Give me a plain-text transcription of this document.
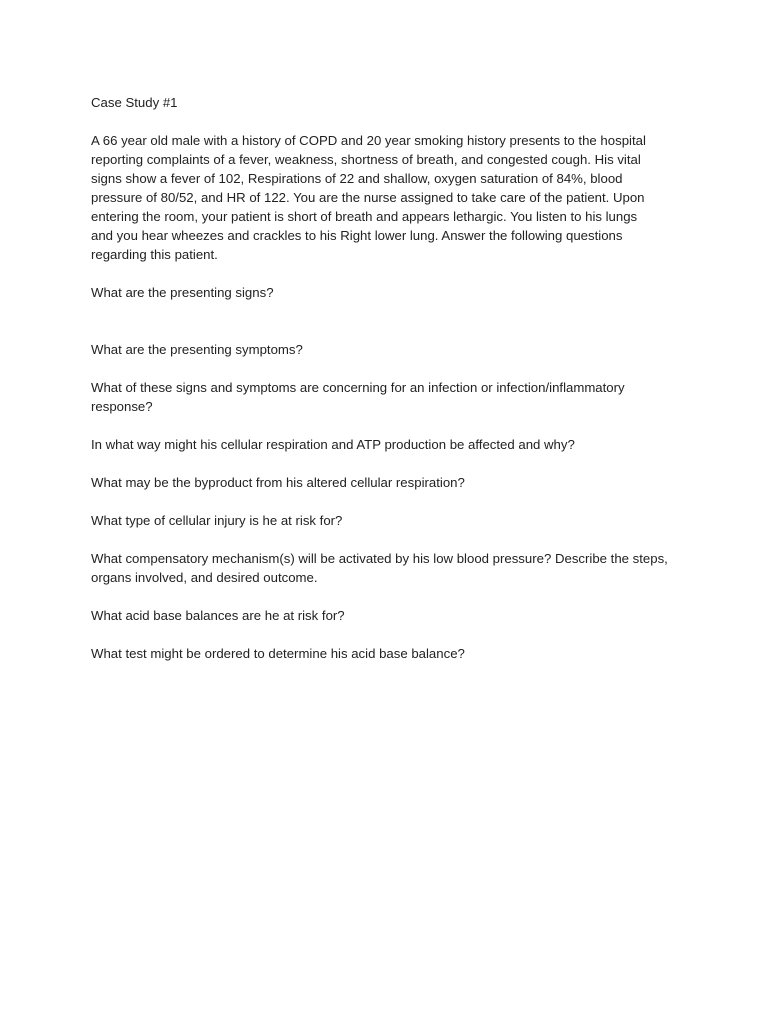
Case Study #1

A 66 year old male with a history of COPD and 20 year smoking history presents to the hospital
reporting complaints of a fever, weakness, shortness of breath, and congested cough. His vital
signs show a fever of 102, Respirations of 22 and shallow, oxygen saturation of 84%, blood
pressure of 80/52, and HR of 122. You are the nurse assigned to take care of the patient. Upon
entering the room, your patient is short of breath and appears lethargic. You listen to his lungs
and you hear wheezes and crackles to his Right lower lung. Answer the following questions
regarding this patient.

What are the presenting signs?

What are the presenting symptoms?

What of these signs and symptoms are concerning for an infection or infection/inflammatory response?

In what way might his cellular respiration and ATP production be affected and why?

What may be the byproduct from his altered cellular respiration?

What type of cellular injury is he at risk for?

What compensatory mechanism(s) will be activated by his low blood pressure? Describe the steps, organs involved, and desired outcome.

What acid base balances are he at risk for?

What test might be ordered to determine his acid base balance?
